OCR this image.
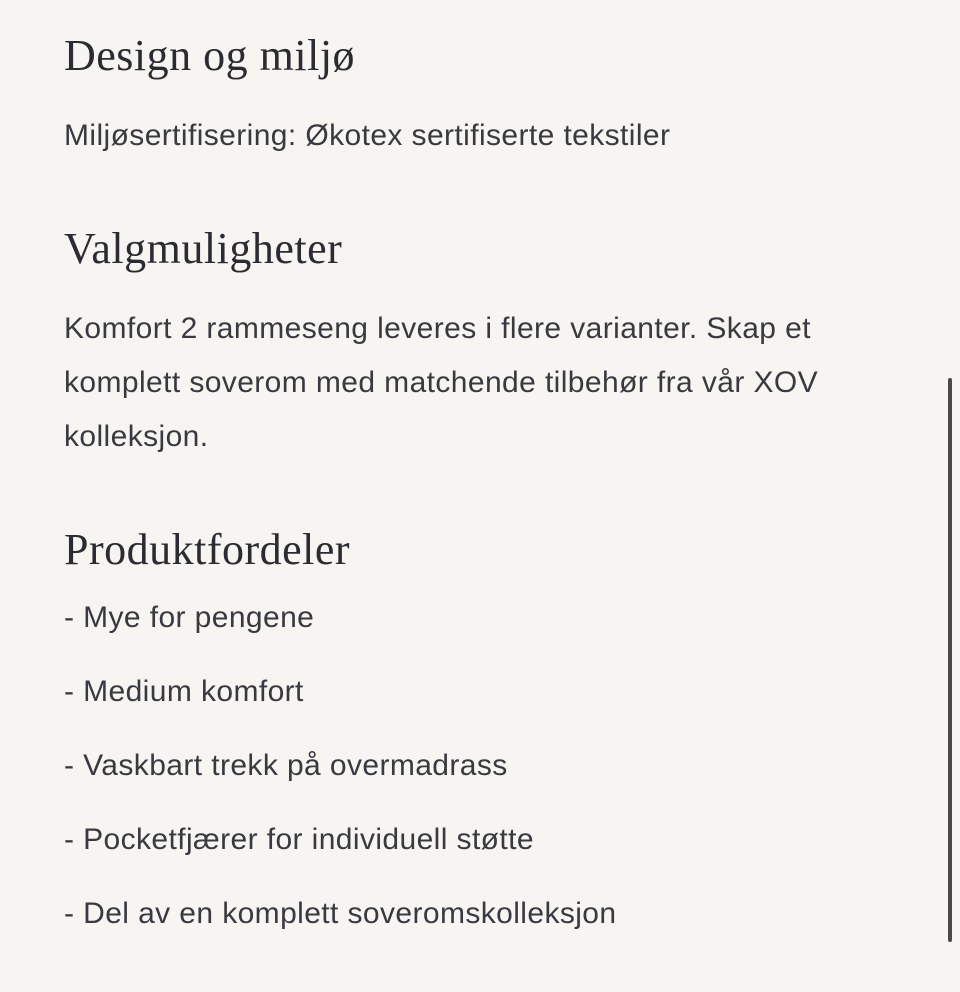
Design og miljø

Miljøsertifisering: Økotex sertifiserte tekstiler

Valgmuligheter

Komfort 2 rammeseng leveres i flere varianter. Skap et komplett soverom med matchende tilbehør fra vår XOV kolleksjon.

Produktfordeler
- Mye for pengene
- Medium komfort
- Vaskbart trekk på overmadrass
- Pocketfjærer for individuell støtte
- Del av en komplett soveromskolleksjon
